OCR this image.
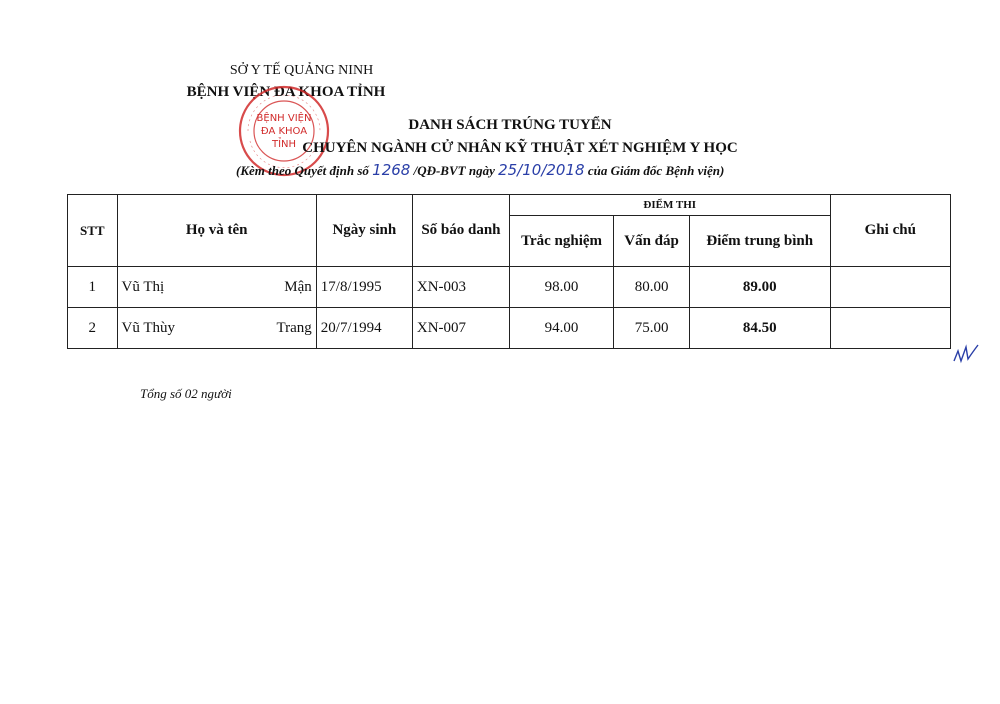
SỞ Y TẾ QUẢNG NINH
BỆNH VIỆN ĐA KHOA TỈNH
BỆNH VIỆN
ĐA KHOA
TỈNH
DANH SÁCH TRÚNG TUYỂN
CHUYÊN NGÀNH CỬ NHÂN KỸ THUẬT XÉT NGHIỆM Y HỌC
(Kèm theo Quyết định số 1268 /QĐ-BVT ngày 25/10/2018 của Giám đốc Bệnh viện)
STT	Họ và tên	Ngày sinh	Số báo danh	ĐIỂM THI			Ghi chú
				Trắc nghiệm	Vấn đáp	Điểm trung bình	
1	Vũ Thị Mận	17/8/1995	XN-003	98.00	80.00	89.00	
2	Vũ Thùy Trang	20/7/1994	XN-007	94.00	75.00	84.50	
Tổng số 02 người
